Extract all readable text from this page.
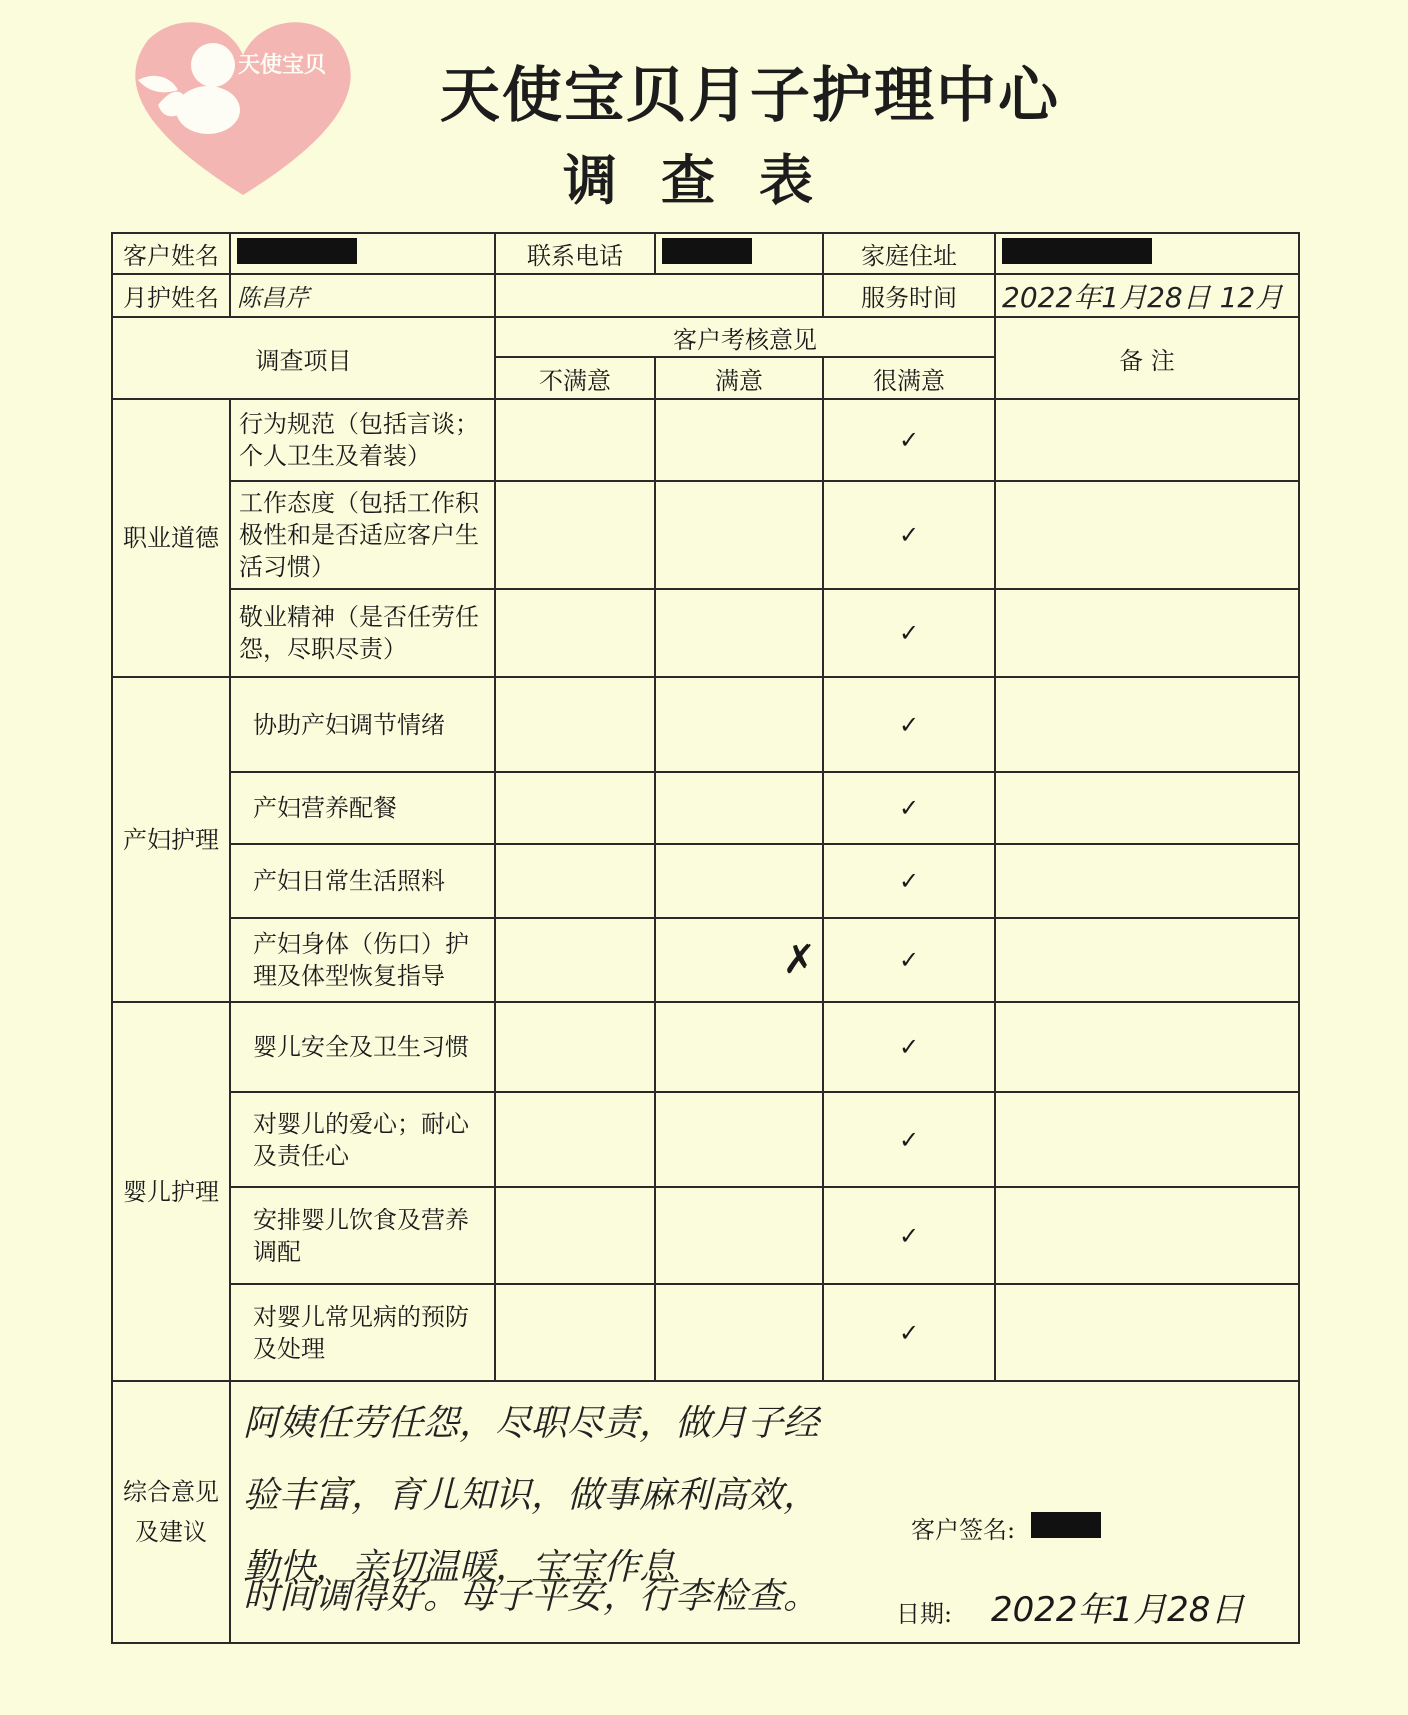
天使宝贝	天使宝贝月子护理中心
调查表
客户姓名		联系电话		家庭住址	
月护姓名	陈昌芹			服务时间	2022年1月28日 12月
调查项目		客户考核意见			备 注
		不满意	满意	很满意	
职业道德	行为规范（包括言谈；个人卫生及着装）			✓	
	工作态度（包括工作积极性和是否适应客户生活习惯）			✓	
	敬业精神（是否任劳任怨，尽职尽责）			✓	
产妇护理	协助产妇调节情绪			✓	
	产妇营养配餐			✓	
	产妇日常生活照料			✓	
	产妇身体（伤口）护理及体型恢复指导		✗	✓	
婴儿护理	婴儿安全及卫生习惯			✓	
	对婴儿的爱心；耐心及责任心			✓	
	安排婴儿饮食及营养调配			✓	
	对婴儿常见病的预防及处理			✓	
综合意见及建议	阿姨任劳任怨，尽职尽责，做月子经验丰富，育儿知识，做事麻利高效，勤快，亲切温暖，宝宝作息
时间调得好。母子平安，行李检查。
客户签名:
日期: 2022年1月28日				
